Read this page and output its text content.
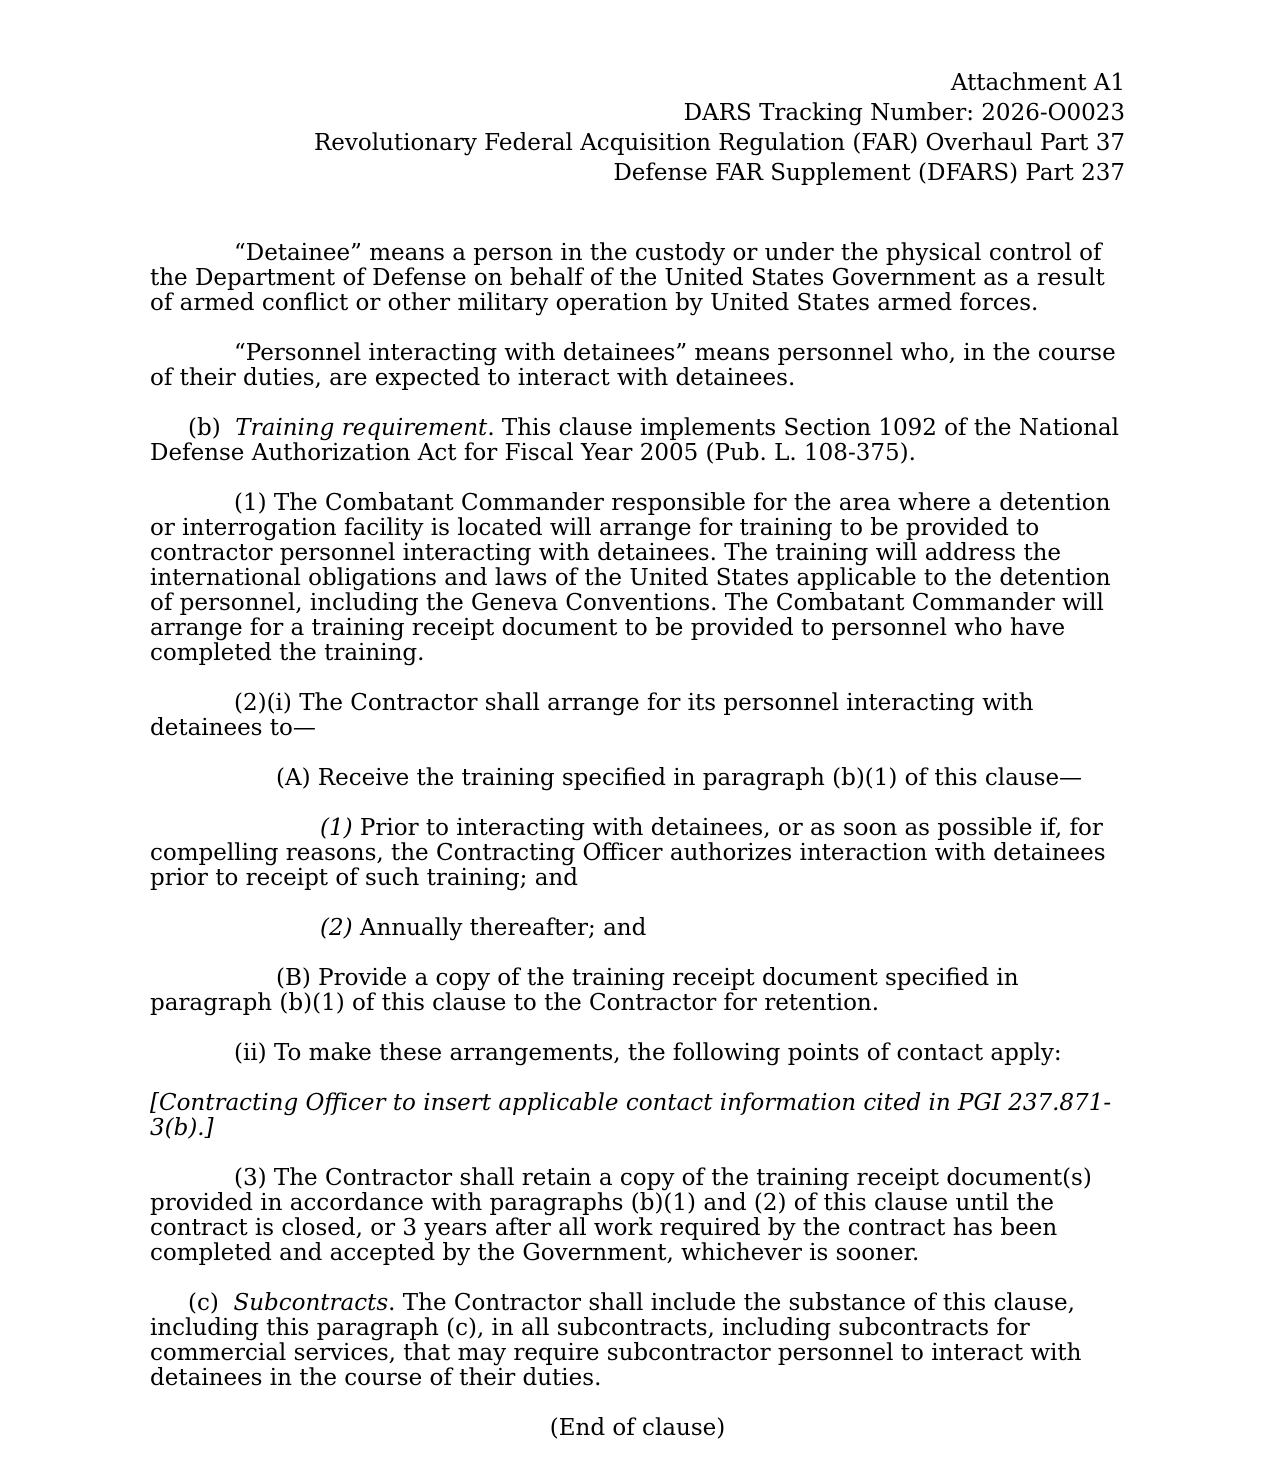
Attachment A1
DARS Tracking Number: 2026-O0023
Revolutionary Federal Acquisition Regulation (FAR) Overhaul Part 37
Defense FAR Supplement (DFARS) Part 237

“Detainee” means a person in the custody or under the physical control of the Department of Defense on behalf of the United States Government as a result of armed conflict or other military operation by United States armed forces.

“Personnel interacting with detainees” means personnel who, in the course of their duties, are expected to interact with detainees.

(b) Training requirement. This clause implements Section 1092 of the National Defense Authorization Act for Fiscal Year 2005 (Pub. L. 108-375).

(1) The Combatant Commander responsible for the area where a detention or interrogation facility is located will arrange for training to be provided to contractor personnel interacting with detainees. The training will address the international obligations and laws of the United States applicable to the detention of personnel, including the Geneva Conventions. The Combatant Commander will arrange for a training receipt document to be provided to personnel who have completed the training.

(2)(i) The Contractor shall arrange for its personnel interacting with detainees to—

(A) Receive the training specified in paragraph (b)(1) of this clause—

(1) Prior to interacting with detainees, or as soon as possible if, for compelling reasons, the Contracting Officer authorizes interaction with detainees prior to receipt of such training; and

(2) Annually thereafter; and

(B) Provide a copy of the training receipt document specified in paragraph (b)(1) of this clause to the Contractor for retention.

(ii) To make these arrangements, the following points of contact apply:

[Contracting Officer to insert applicable contact information cited in PGI 237.871-3(b).]

(3) The Contractor shall retain a copy of the training receipt document(s) provided in accordance with paragraphs (b)(1) and (2) of this clause until the contract is closed, or 3 years after all work required by the contract has been completed and accepted by the Government, whichever is sooner.

(c) Subcontracts. The Contractor shall include the substance of this clause, including this paragraph (c), in all subcontracts, including subcontracts for commercial services, that may require subcontractor personnel to interact with detainees in the course of their duties.

(End of clause)
